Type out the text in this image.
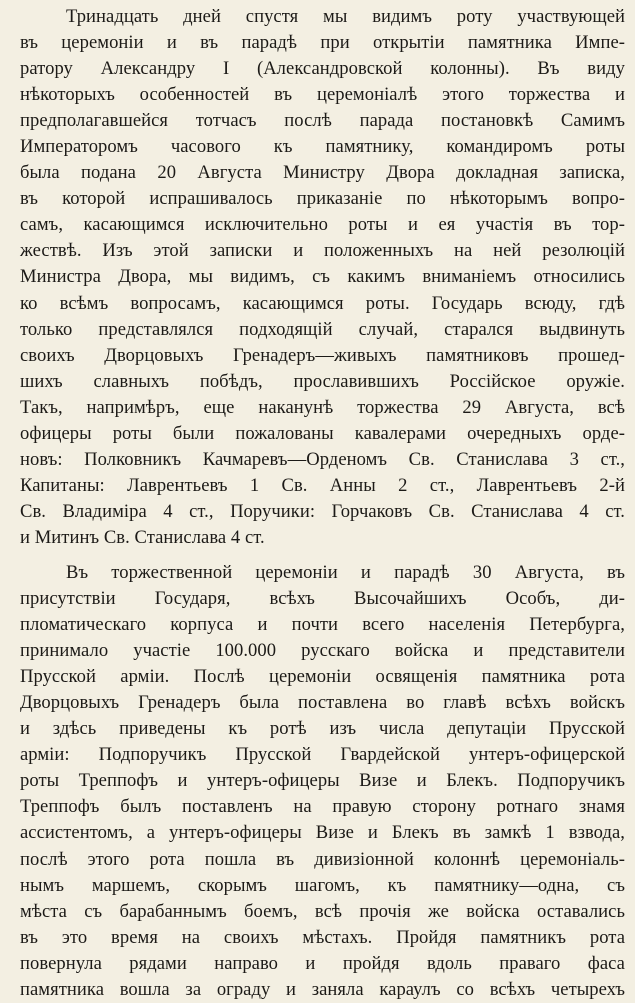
Тринадцать дней спустя мы видимъ роту участвующей
въ церемоніи и въ парадѣ при открытіи памятника Импе-
ратору Александру I (Александровской колонны). Въ виду
нѣкоторыхъ особенностей въ церемоніалѣ этого торжества и
предполагавшейся тотчасъ послѣ парада постановкѣ Самимъ
Императоромъ часового къ памятнику, командиромъ роты
была подана 20 Августа Министру Двора докладная записка,
въ которой испрашивалось приказаніе по нѣкоторымъ вопро-
самъ, касающимся исключительно роты и ея участія въ тор-
жествѣ. Изъ этой записки и положенныхъ на ней резолюцій
Министра Двора, мы видимъ, съ какимъ вниманіемъ относились
ко всѣмъ вопросамъ, касающимся роты. Государь всюду, гдѣ
только представлялся подходящій случай, старался выдвинуть
своихъ Дворцовыхъ Гренадеръ—живыхъ памятниковъ прошед-
шихъ славныхъ побѣдъ, прославившихъ Россійское оружіе.
Такъ, напримѣръ, еще наканунѣ торжества 29 Августа, всѣ
офицеры роты были пожалованы кавалерами очередныхъ орде-
новъ: Полковникъ Качмаревъ—Орденомъ Св. Станислава 3 ст.,
Капитаны: Лаврентьевъ 1 Св. Анны 2 ст., Лаврентьевъ 2-й
Св. Владиміра 4 ст., Поручики: Горчаковъ Св. Станислава 4 ст.
и Митинъ Св. Станислава 4 ст.
Въ торжественной церемоніи и парадѣ 30 Августа, въ
присутствіи Государя, всѣхъ Высочайшихъ Особъ, ди-
пломатическаго корпуса и почти всего населенія Петербурга,
принимало участіе 100.000 русскаго войска и представители
Прусской арміи. Послѣ церемоніи освященія памятника рота
Дворцовыхъ Гренадеръ была поставлена во главѣ всѣхъ войскъ
и здѣсь приведены къ ротѣ изъ числа депутаціи Прусской
арміи: Подпоручикъ Прусской Гвардейской унтеръ-офицерской
роты Треппофъ и унтеръ-офицеры Визе и Блекъ. Подпоручикъ
Треппофъ былъ поставленъ на правую сторону ротнаго знамя
ассистентомъ, а унтеръ-офицеры Визе и Блекъ въ замкѣ 1 взвода,
послѣ этого рота пошла въ дивизіонной колоннѣ церемоніаль-
нымъ маршемъ, скорымъ шагомъ, къ памятнику—одна, съ
мѣста съ барабаннымъ боемъ, всѣ прочія же войска оставались
въ это время на своихъ мѣстахъ. Пройдя памятникъ рота
повернула рядами направо и пройдя вдоль праваго фаса
памятника вошла за ограду и заняла караулъ со всѣхъ четырехъ
